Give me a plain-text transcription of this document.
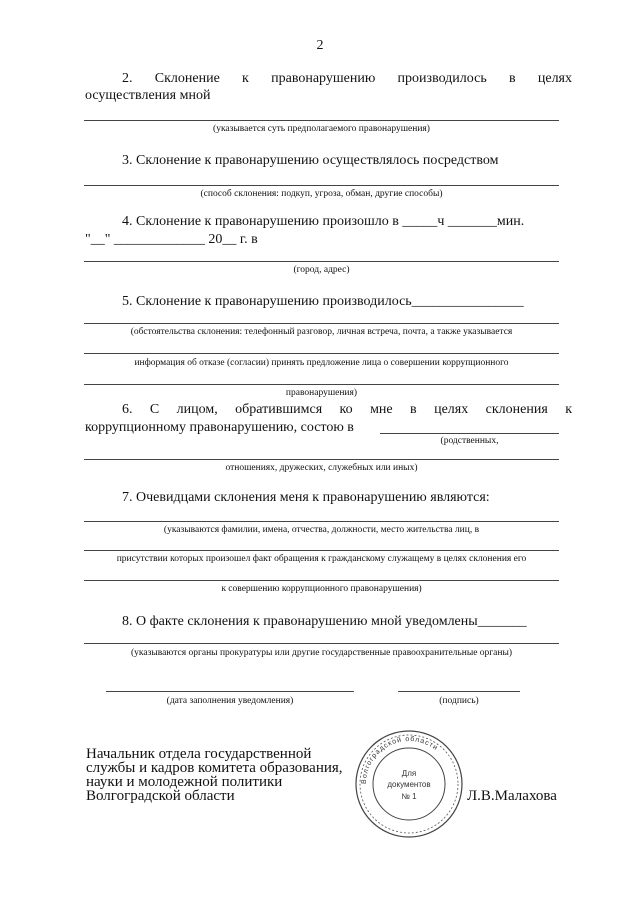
2
2. Склонение к правонарушению производилось в целях
осуществления мной
(указывается суть предполагаемого правонарушения)
3. Склонение к правонарушению осуществлялось посредством
(способ склонения: подкуп, угроза, обман, другие способы)
4. Склонение к правонарушению произошло в _____ч _______мин.
"__" _____________ 20__ г. в
(город, адрес)
5. Склонение к правонарушению производилось________________
(обстоятельства склонения: телефонный разговор, личная встреча, почта, а также указывается
информация об отказе (согласии) принять предложение лица о совершении коррупционного
правонарушения)
6. С лицом, обратившимся ко мне в целях склонения к
коррупционному правонарушению, состою в
(родственных,
отношениях, дружеских, служебных или иных)
7. Очевидцами склонения меня к правонарушению являются:
(указываются фамилии, имена, отчества, должности, место жительства лиц, в
присутствии которых произошел факт обращения к гражданскому служащему в целях склонения его
к совершению коррупционного правонарушения)
8. О факте склонения к правонарушению мной уведомлены_______
(указываются органы прокуратуры или другие государственные правоохранительные органы)
(дата заполнения уведомления)	(подпись)
Начальник отдела государственной
службы и кадров комитета образования,
науки и молодежной политики
Волгоградской области
Волгоградской области
Для
документов
№ 1	Л.В.Малахова
